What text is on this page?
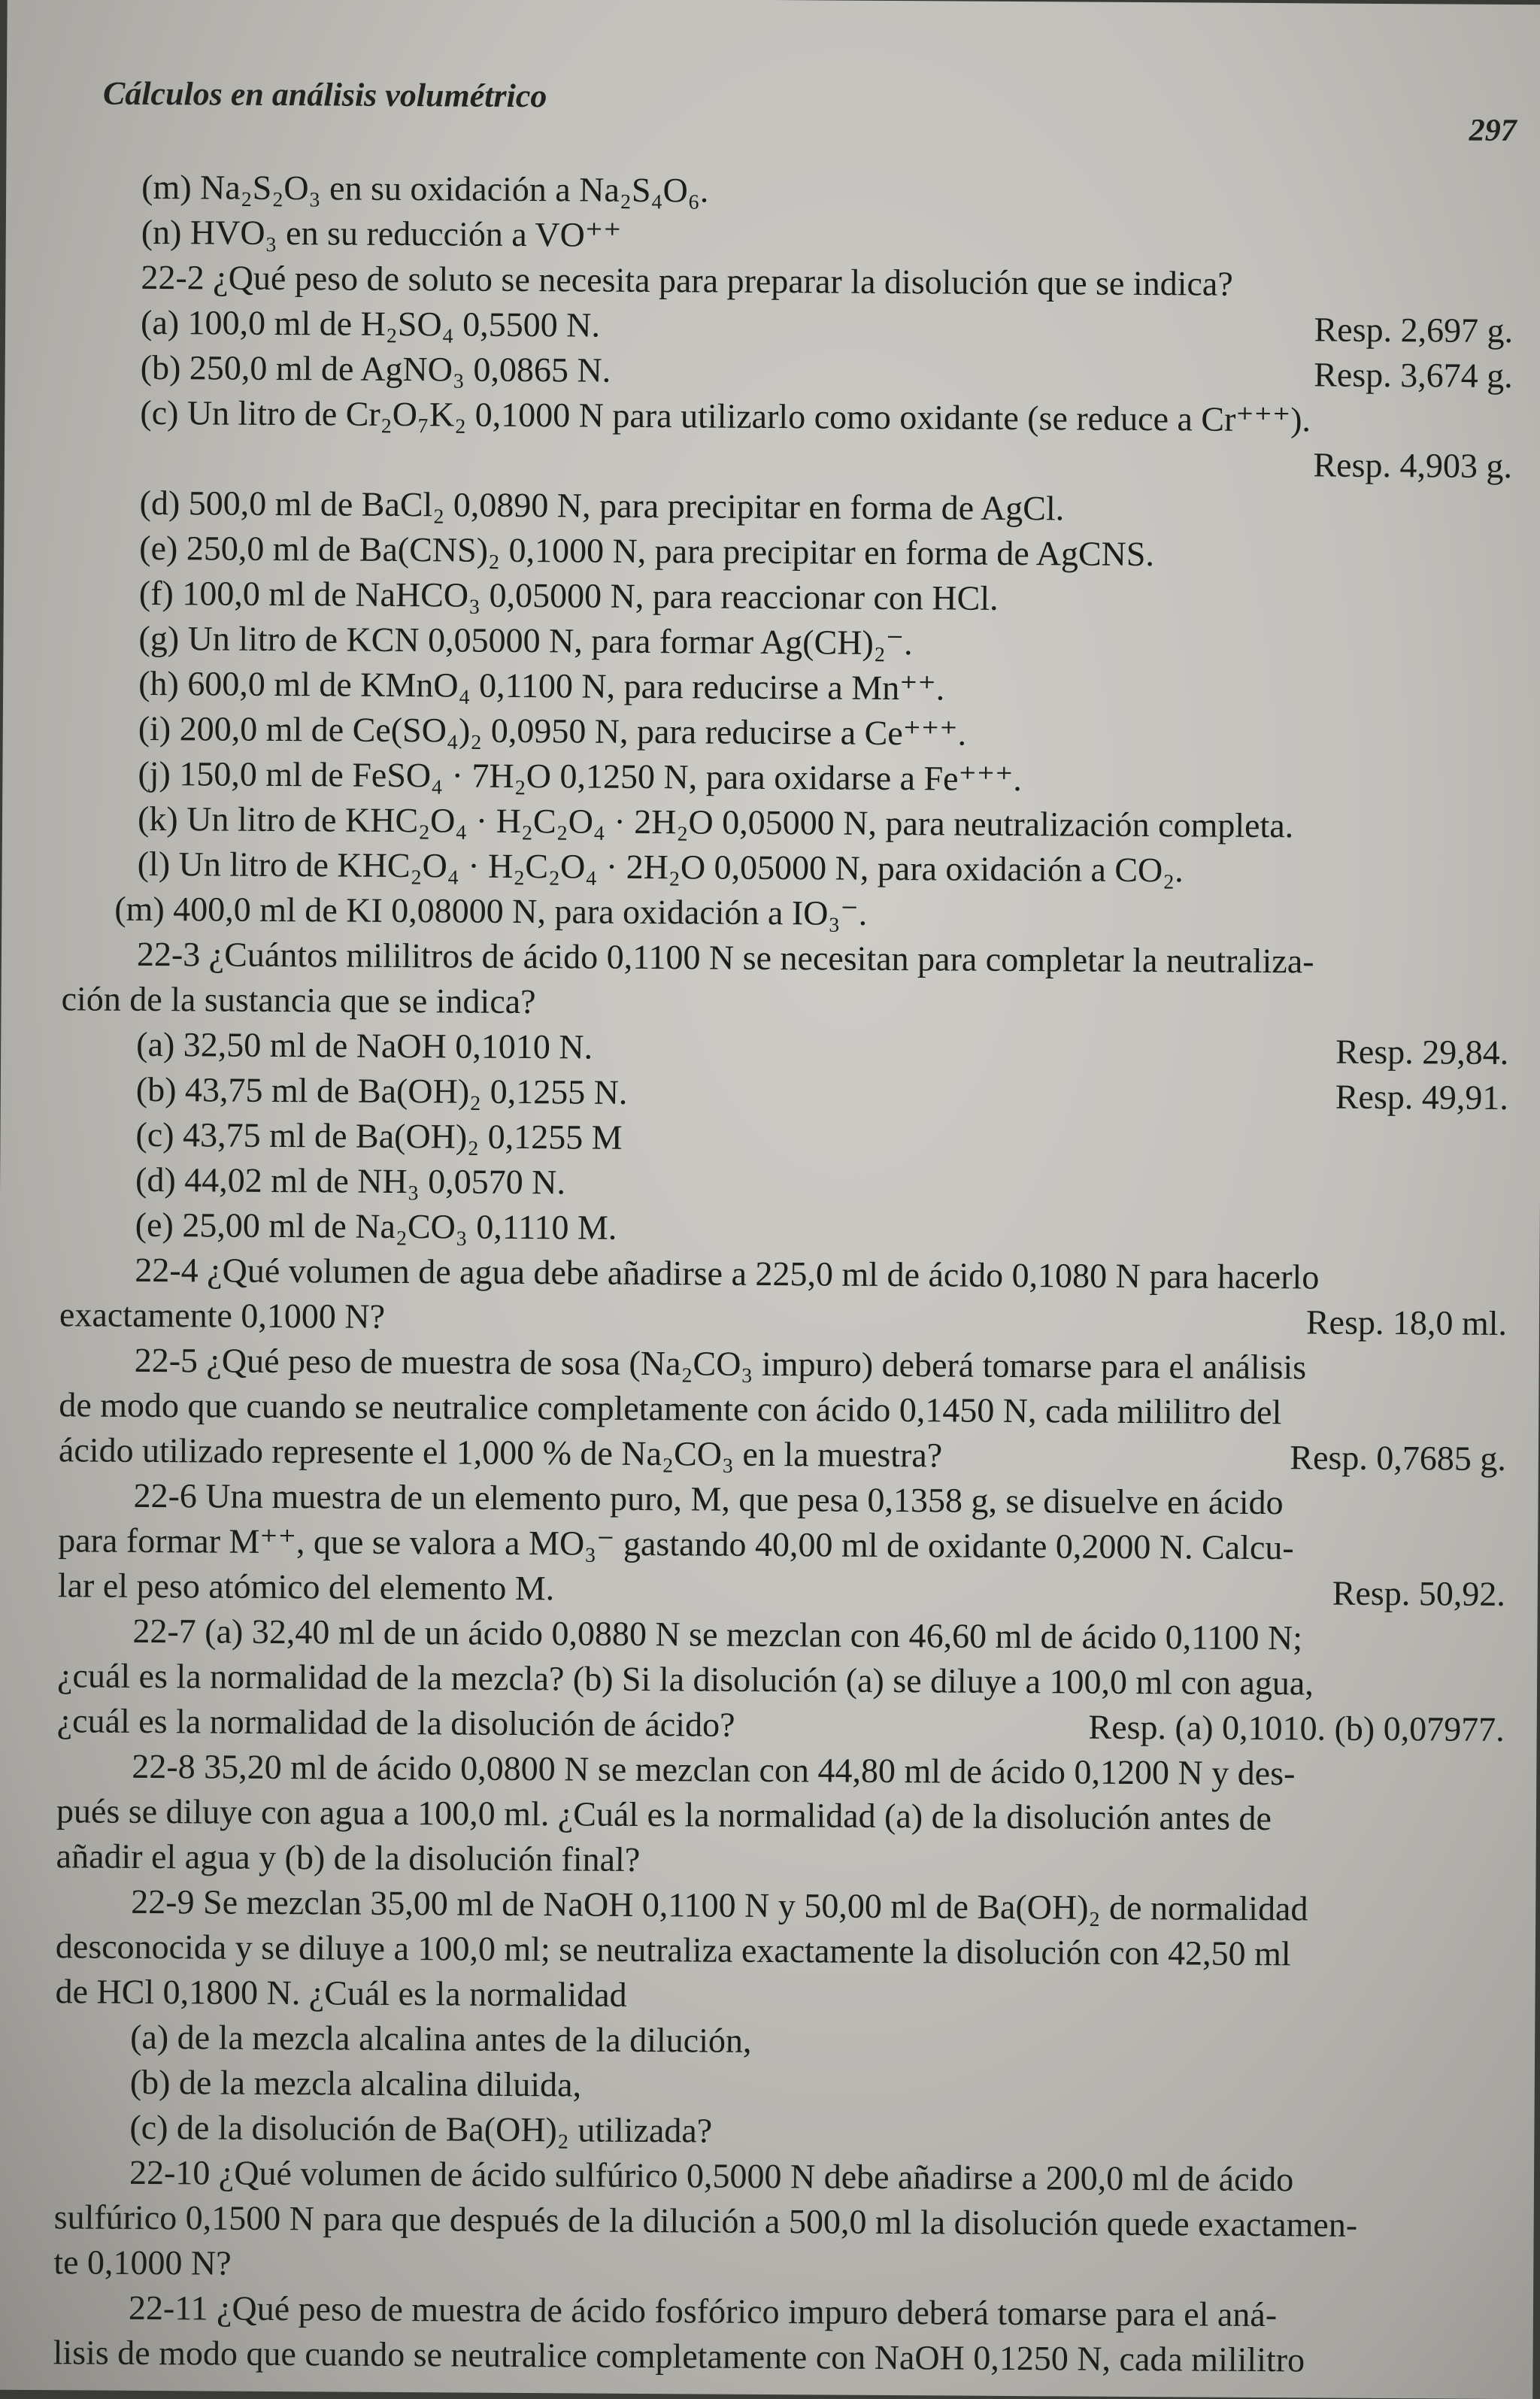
Cálculos en análisis volumétrico
297
(m) Na₂S₂O₃ en su oxidación a Na₂S₄O₆.
(n) HVO₃ en su reducción a VO⁺⁺
22-2 ¿Qué peso de soluto se necesita para preparar la disolución que se indica?
(a) 100,0 ml de H₂SO₄ 0,5500 N.	Resp. 2,697 g.
(b) 250,0 ml de AgNO₃ 0,0865 N.	Resp. 3,674 g.
(c) Un litro de Cr₂O₇K₂ 0,1000 N para utilizarlo como oxidante (se reduce a Cr⁺⁺⁺).
Resp. 4,903 g.
(d) 500,0 ml de BaCl₂ 0,0890 N, para precipitar en forma de AgCl.
(e) 250,0 ml de Ba(CNS)₂ 0,1000 N, para precipitar en forma de AgCNS.
(f) 100,0 ml de NaHCO₃ 0,05000 N, para reaccionar con HCl.
(g) Un litro de KCN 0,05000 N, para formar Ag(CH)₂⁻.
(h) 600,0 ml de KMnO₄ 0,1100 N, para reducirse a Mn⁺⁺.
(i) 200,0 ml de Ce(SO₄)₂ 0,0950 N, para reducirse a Ce⁺⁺⁺.
(j) 150,0 ml de FeSO₄ · 7H₂O 0,1250 N, para oxidarse a Fe⁺⁺⁺.
(k) Un litro de KHC₂O₄ · H₂C₂O₄ · 2H₂O 0,05000 N, para neutralización completa.
(l) Un litro de KHC₂O₄ · H₂C₂O₄ · 2H₂O 0,05000 N, para oxidación a CO₂.
(m) 400,0 ml de KI 0,08000 N, para oxidación a IO₃⁻.
22-3 ¿Cuántos mililitros de ácido 0,1100 N se necesitan para completar la neutraliza-
ción de la sustancia que se indica?
(a) 32,50 ml de NaOH 0,1010 N.	Resp. 29,84.
(b) 43,75 ml de Ba(OH)₂ 0,1255 N.	Resp. 49,91.
(c) 43,75 ml de Ba(OH)₂ 0,1255 M
(d) 44,02 ml de NH₃ 0,0570 N.
(e) 25,00 ml de Na₂CO₃ 0,1110 M.
22-4 ¿Qué volumen de agua debe añadirse a 225,0 ml de ácido 0,1080 N para hacerlo
exactamente 0,1000 N?	Resp. 18,0 ml.
22-5 ¿Qué peso de muestra de sosa (Na₂CO₃ impuro) deberá tomarse para el análisis
de modo que cuando se neutralice completamente con ácido 0,1450 N, cada mililitro del
ácido utilizado represente el 1,000 % de Na₂CO₃ en la muestra?	Resp. 0,7685 g.
22-6 Una muestra de un elemento puro, M, que pesa 0,1358 g, se disuelve en ácido
para formar M⁺⁺, que se valora a MO₃⁻ gastando 40,00 ml de oxidante 0,2000 N. Calcu-
lar el peso atómico del elemento M.	Resp. 50,92.
22-7 (a) 32,40 ml de un ácido 0,0880 N se mezclan con 46,60 ml de ácido 0,1100 N;
¿cuál es la normalidad de la mezcla? (b) Si la disolución (a) se diluye a 100,0 ml con agua,
¿cuál es la normalidad de la disolución de ácido?	Resp. (a) 0,1010. (b) 0,07977.
22-8 35,20 ml de ácido 0,0800 N se mezclan con 44,80 ml de ácido 0,1200 N y des-
pués se diluye con agua a 100,0 ml. ¿Cuál es la normalidad (a) de la disolución antes de
añadir el agua y (b) de la disolución final?
22-9 Se mezclan 35,00 ml de NaOH 0,1100 N y 50,00 ml de Ba(OH)₂ de normalidad
desconocida y se diluye a 100,0 ml; se neutraliza exactamente la disolución con 42,50 ml
de HCl 0,1800 N. ¿Cuál es la normalidad
(a) de la mezcla alcalina antes de la dilución,
(b) de la mezcla alcalina diluida,
(c) de la disolución de Ba(OH)₂ utilizada?
22-10 ¿Qué volumen de ácido sulfúrico 0,5000 N debe añadirse a 200,0 ml de ácido
sulfúrico 0,1500 N para que después de la dilución a 500,0 ml la disolución quede exactamen-
te 0,1000 N?
22-11 ¿Qué peso de muestra de ácido fosfórico impuro deberá tomarse para el aná-
lisis de modo que cuando se neutralice completamente con NaOH 0,1250 N, cada mililitro
